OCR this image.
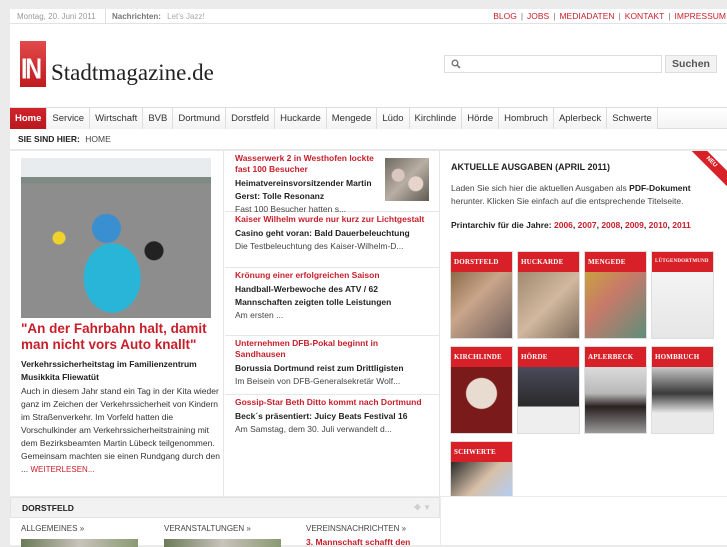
Montag, 20. Juni 2011	Nachrichten: Let's Jazz!	BLOG | JOBS | MEDIADATEN | KONTAKT | IMPRESSUM
IN Stadtmagazine.de	Suchen
Home	Service	Wirtschaft	BVB	Dortmund	Dorstfeld	Huckarde	Mengede	Lüdo	Kirchlinde	Hörde	Hombruch	Aplerbeck	Schwerte
SIE SIND HIER: HOME
"An der Fahrbahn halt, damit man nicht vors Auto knallt"
Verkehrssicherheitstag im Familienzentrum Musikkita Fliewatüt
Auch in diesem Jahr stand ein Tag in der Kita wieder ganz im Zeichen der Verkehrssicherheit von Kindern im Straßenverkehr. Im Vorfeld hatten die Vorschulkinder am Verkehrssicherheitstraining mit dem Bezirksbeamten Martin Lübeck teilgenommen. Gemeinsam machten sie einen Rundgang durch den ... WEITERLESEN...
Wasserwerk 2 in Westhofen lockte fast 100 Besucher
Heimatvereinsvorsitzender Martin Gerst: Tolle Resonanz
Fast 100 Besucher hatten s...
Kaiser Wilhelm wurde nur kurz zur Lichtgestalt
Casino geht voran: Bald Dauerbeleuchtung
Die Testbeleuchtung des Kaiser-Wilhelm-D...
Krönung einer erfolgreichen Saison
Handball-Werbewoche des ATV / 62 Mannschaften zeigten tolle Leistungen
Am ersten ...
Unternehmen DFB-Pokal beginnt in Sandhausen
Borussia Dortmund reist zum Drittligisten
Im Beisein von DFB-Generalsekretär Wolf...
Gossip-Star Beth Ditto kommt nach Dortmund
Beck´s präsentiert: Juicy Beats Festival 16
Am Samstag, dem 30. Juli verwandelt d...
NEU
AKTUELLE AUSGABEN (APRIL 2011)
Laden Sie sich hier die aktuellen Ausgaben als PDF-Dokument herunter. Klicken Sie einfach auf die entsprechende Titelseite.
Printarchiv für die Jahre: 2006, 2007, 2008, 2009, 2010, 2011
DORSTFELD	HUCKARDE	MENGEDE	LÜTGENDORTMUND
KIRCHLINDE	HÖRDE	APLERBECK	HOMBRUCH
SCHWERTE
DORSTFELD	✥ ▼
ALLGEMEINES »	VERANSTALTUNGEN »	VEREINSNACHRICHTEN »
3. Mannschaft schafft den
